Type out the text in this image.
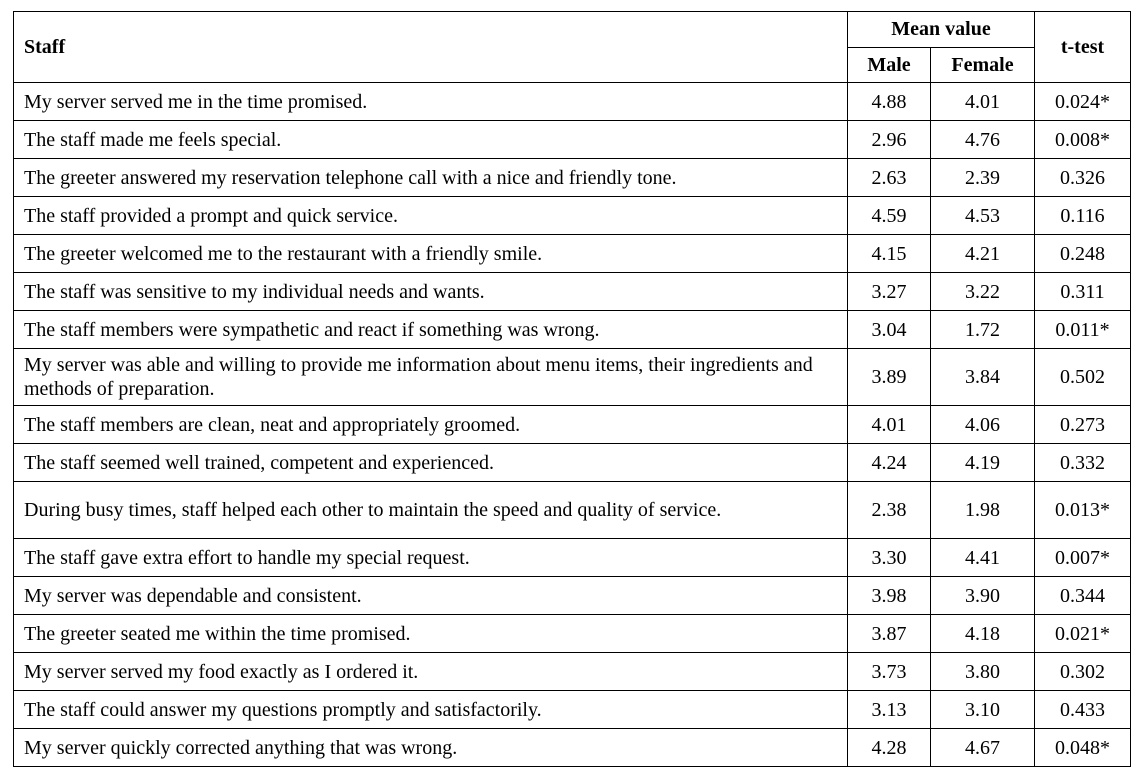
Staff	Mean value		t-test
	Male	Female	
My server served me in the time promised.	4.88	4.01	0.024*
The staff made me feels special.	2.96	4.76	0.008*
The greeter answered my reservation telephone call with a nice and friendly tone.	2.63	2.39	0.326
The staff provided a prompt and quick service.	4.59	4.53	0.116
The greeter welcomed me to the restaurant with a friendly smile.	4.15	4.21	0.248
The staff was sensitive to my individual needs and wants.	3.27	3.22	0.311
The staff members were sympathetic and react if something was wrong.	3.04	1.72	0.011*
My server was able and willing to provide me information about menu items, their ingredients and methods of preparation.	3.89	3.84	0.502
The staff members are clean, neat and appropriately groomed.	4.01	4.06	0.273
The staff seemed well trained, competent and experienced.	4.24	4.19	0.332
During busy times, staff helped each other to maintain the speed and quality of service.	2.38	1.98	0.013*
The staff gave extra effort to handle my special request.	3.30	4.41	0.007*
My server was dependable and consistent.	3.98	3.90	0.344
The greeter seated me within the time promised.	3.87	4.18	0.021*
My server served my food exactly as I ordered it.	3.73	3.80	0.302
The staff could answer my questions promptly and satisfactorily.	3.13	3.10	0.433
My server quickly corrected anything that was wrong.	4.28	4.67	0.048*
